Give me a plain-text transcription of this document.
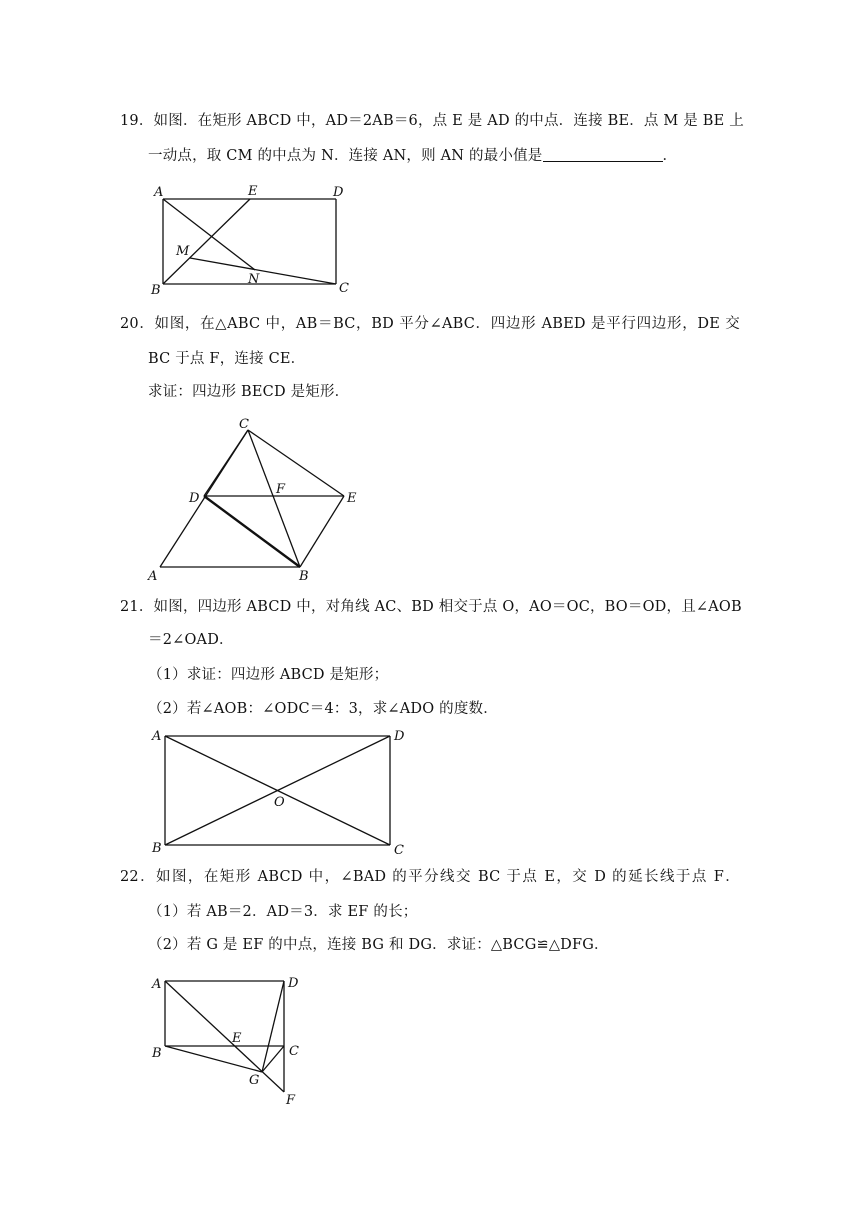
19．如图．在矩形 ABCD 中，AD＝2AB＝6，点 E 是 AD 的中点．连接 BE．点 M 是 BE 上
一动点，取 CM 的中点为 N．连接 AN，则 AN 的最小值是	．
A	E	D
M
N
B	C
20．如图，在△ABC 中，AB＝BC，BD 平分∠ABC．四边形 ABED 是平行四边形，DE 交
BC 于点 F，连接 CE．
求证：四边形 BECD 是矩形．
C
D
F
E
A	B
21．如图，四边形 ABCD 中，对角线 AC、BD 相交于点 O，AO＝OC，BO＝OD，且∠AOB
＝2∠OAD．
（1）求证：四边形 ABCD 是矩形；
（2）若∠AOB：∠ODC＝4：3，求∠ADO 的度数．
A	D
O
B	C
22．如图，在矩形 ABCD 中，∠BAD 的平分线交 BC 于点 E，交 D 的延长线于点 F．
（1）若 AB＝2．AD＝3．求 EF 的长；
（2）若 G 是 EF 的中点，连接 BG 和 DG．求证：△BCG≌△DFG．
A	D
E
B	C
G
F
